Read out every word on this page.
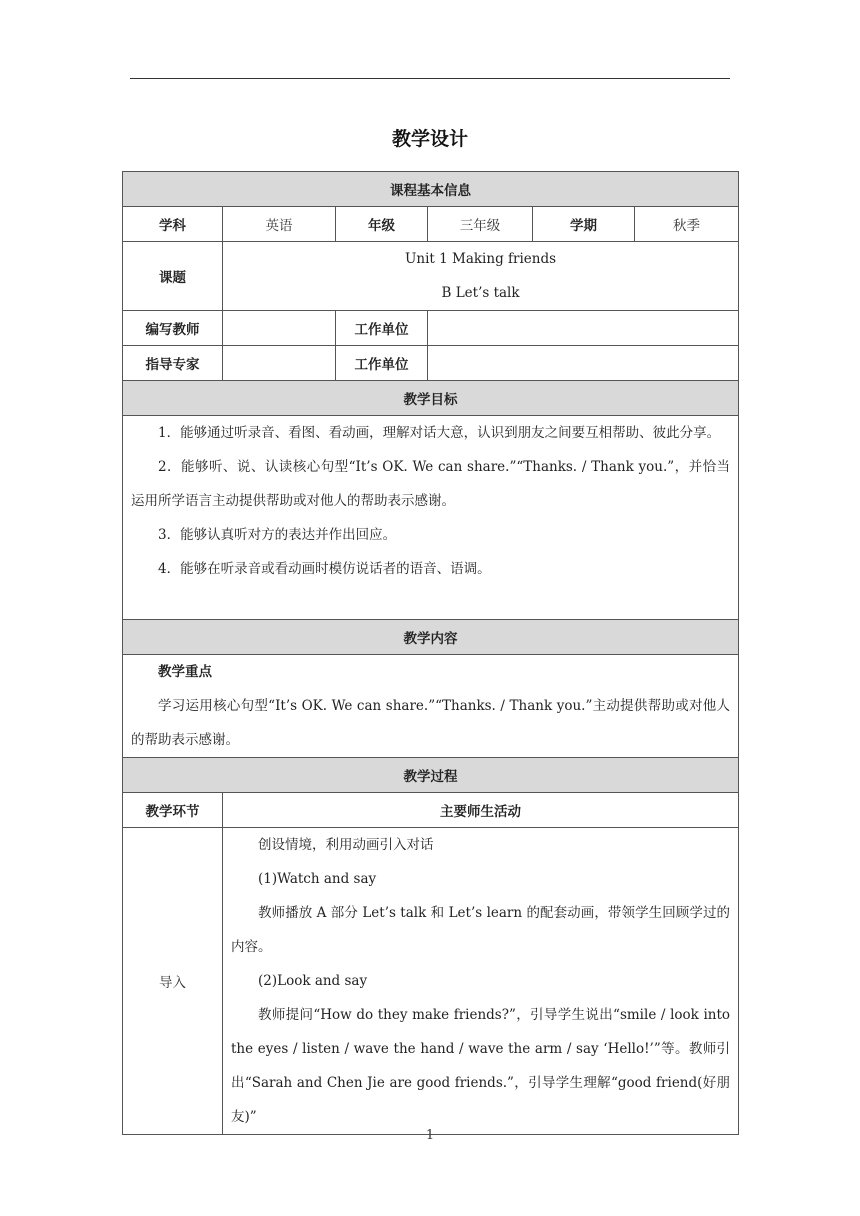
教学设计
课程基本信息					
学科	英语	年级	三年级	学期	秋季
课题	Unit 1 Making friends
B Let’s talk				

编写教师		工作单位			
指导专家		工作单位			
教学目标					

1．能够通过听录音、看图、看动画，理解对话大意，认识到朋友之间要互相帮助、彼此分享。

2．能够听、说、认读核心句型“It’s OK. We can share.”“Thanks. / Thank you.”，并恰当运用所学语言主动提供帮助或对他人的帮助表示感谢。

3．能够认真听对方的表达并作出回应。

4．能够在听录音或看动画时模仿说话者的语音、语调。					

教学内容					

教学重点

学习运用核心句型“It’s OK. We can share.”“Thanks. / Thank you.”主动提供帮助或对他人的帮助表示感谢。					

教学过程					
教学环节	主要师生活动				
导入	创设情境，利用动画引入对话

(1)Watch and say

教师播放 A 部分 Let’s talk 和 Let’s learn 的配套动画，带领学生回顾学过的内容。

(2)Look and say

教师提问“How do they make friends?”，引导学生说出“smile / look into the eyes / listen / wave the hand / wave the arm / say ‘Hello!’”等。教师引出“Sarah and Chen Jie are good friends.”，引导学生理解“good friend(好朋友)”				

1
